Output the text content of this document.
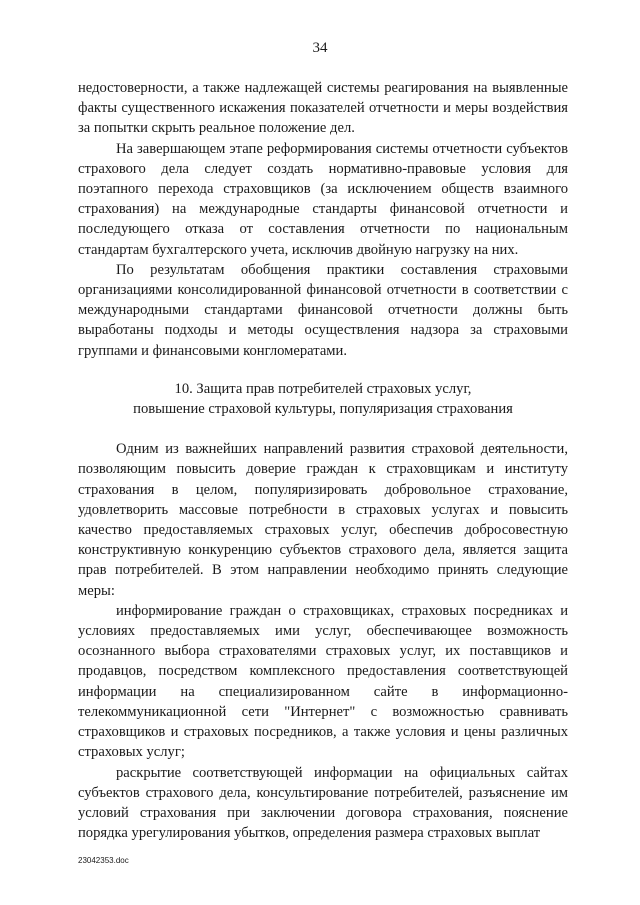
34

недостоверности, а также надлежащей системы реагирования на выявленные факты существенного искажения показателей отчетности и меры воздействия за попытки скрыть реальное положение дел.

На завершающем этапе реформирования системы отчетности субъектов страхового дела следует создать нормативно-правовые условия для поэтапного перехода страховщиков (за исключением обществ взаимного страхования) на международные стандарты финансовой отчетности и последующего отказа от составления отчетности по национальным стандартам бухгалтерского учета, исключив двойную нагрузку на них.

По результатам обобщения практики составления страховыми организациями консолидированной финансовой отчетности в соответствии с международными стандартами финансовой отчетности должны быть выработаны подходы и методы осуществления надзора за страховыми группами и финансовыми конгломератами.

10. Защита прав потребителей страховых услуг,
повышение страховой культуры, популяризация страхования

Одним из важнейших направлений развития страховой деятельности, позволяющим повысить доверие граждан к страховщикам и институту страхования в целом, популяризировать добровольное страхование, удовлетворить массовые потребности в страховых услугах и повысить качество предоставляемых страховых услуг, обеспечив добросовестную конструктивную конкуренцию субъектов страхового дела, является защита прав потребителей. В этом направлении необходимо принять следующие меры:

информирование граждан о страховщиках, страховых посредниках и условиях предоставляемых ими услуг, обеспечивающее возможность осознанного выбора страхователями страховых услуг, их поставщиков и продавцов, посредством комплексного предоставления соответствующей информации на специализированном сайте в информационно-телекоммуникационной сети "Интернет" с возможностью сравнивать страховщиков и страховых посредников, а также условия и цены различных страховых услуг;

раскрытие соответствующей информации на официальных сайтах субъектов страхового дела, консультирование потребителей, разъяснение им условий страхования при заключении договора страхования, пояснение порядка урегулирования убытков, определения размера страховых выплат

23042353.doc
